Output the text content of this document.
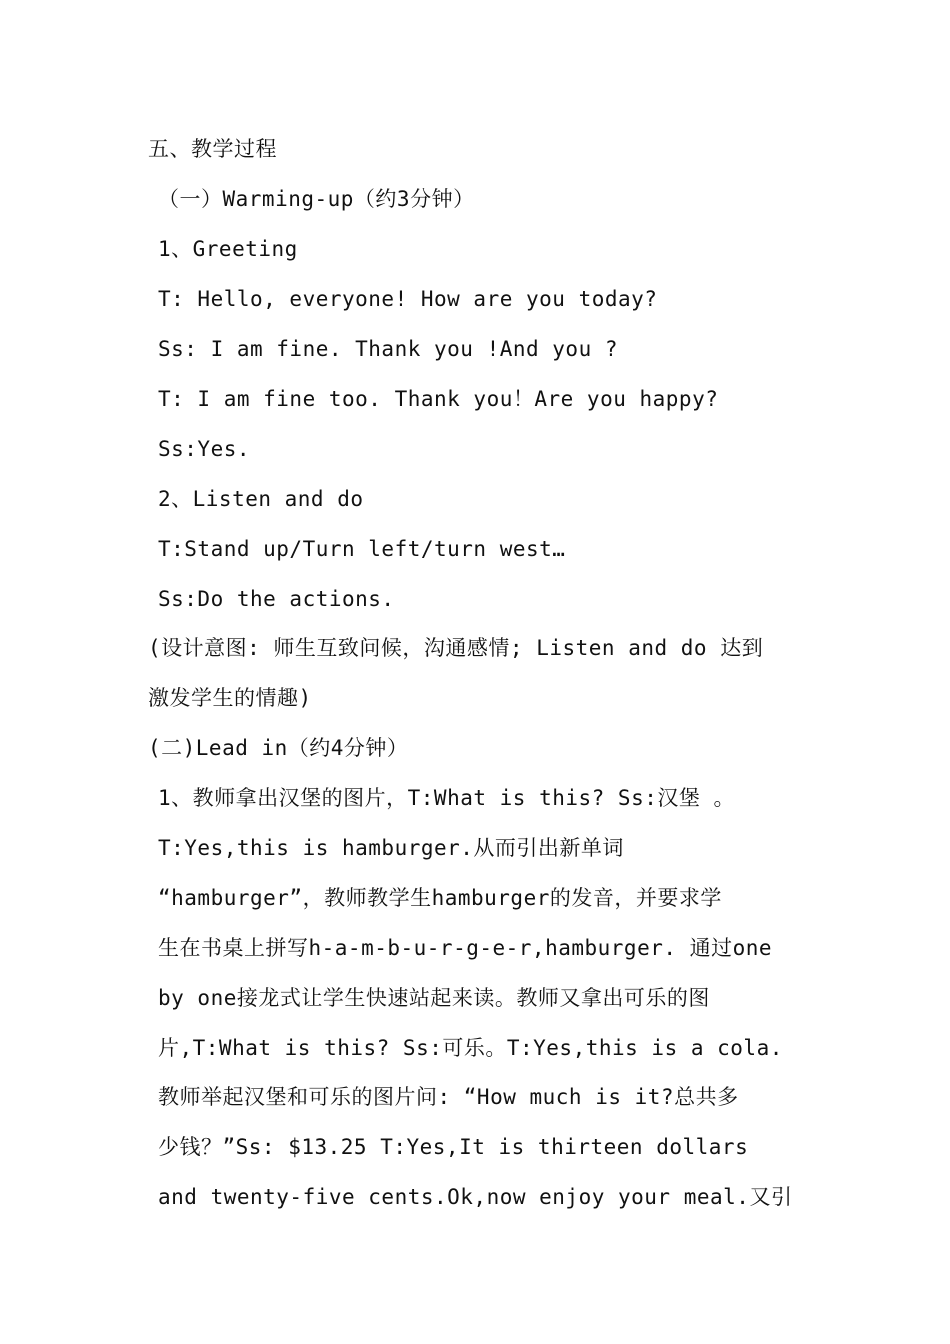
五、教学过程
（一）Warming-up（约3分钟）
1、Greeting
T: Hello, everyone! How are you today?
Ss: I am fine. Thank you !And you ?
T: I am fine too. Thank you！Are you happy?
Ss:Yes.
2、Listen and do
T:Stand up/Turn left/turn west…
Ss:Do the actions.
(设计意图: 师生互致问候，沟通感情; Listen and do 达到
激发学生的情趣)
(二)Lead in（约4分钟）
1、教师拿出汉堡的图片，T:What is this? Ss:汉堡 。
T:Yes,this is hamburger.从而引出新单词
“hamburger”，教师教学生hamburger的发音，并要求学
生在书桌上拼写h-a-m-b-u-r-g-e-r,hamburger. 通过one
by one接龙式让学生快速站起来读。教师又拿出可乐的图
片,T:What is this? Ss:可乐。T:Yes,this is a cola.
教师举起汉堡和可乐的图片问: “How much is it?总共多
少钱？”Ss: $13.25 T:Yes,It is thirteen dollars
and twenty-five cents.Ok,now enjoy your meal.又引
